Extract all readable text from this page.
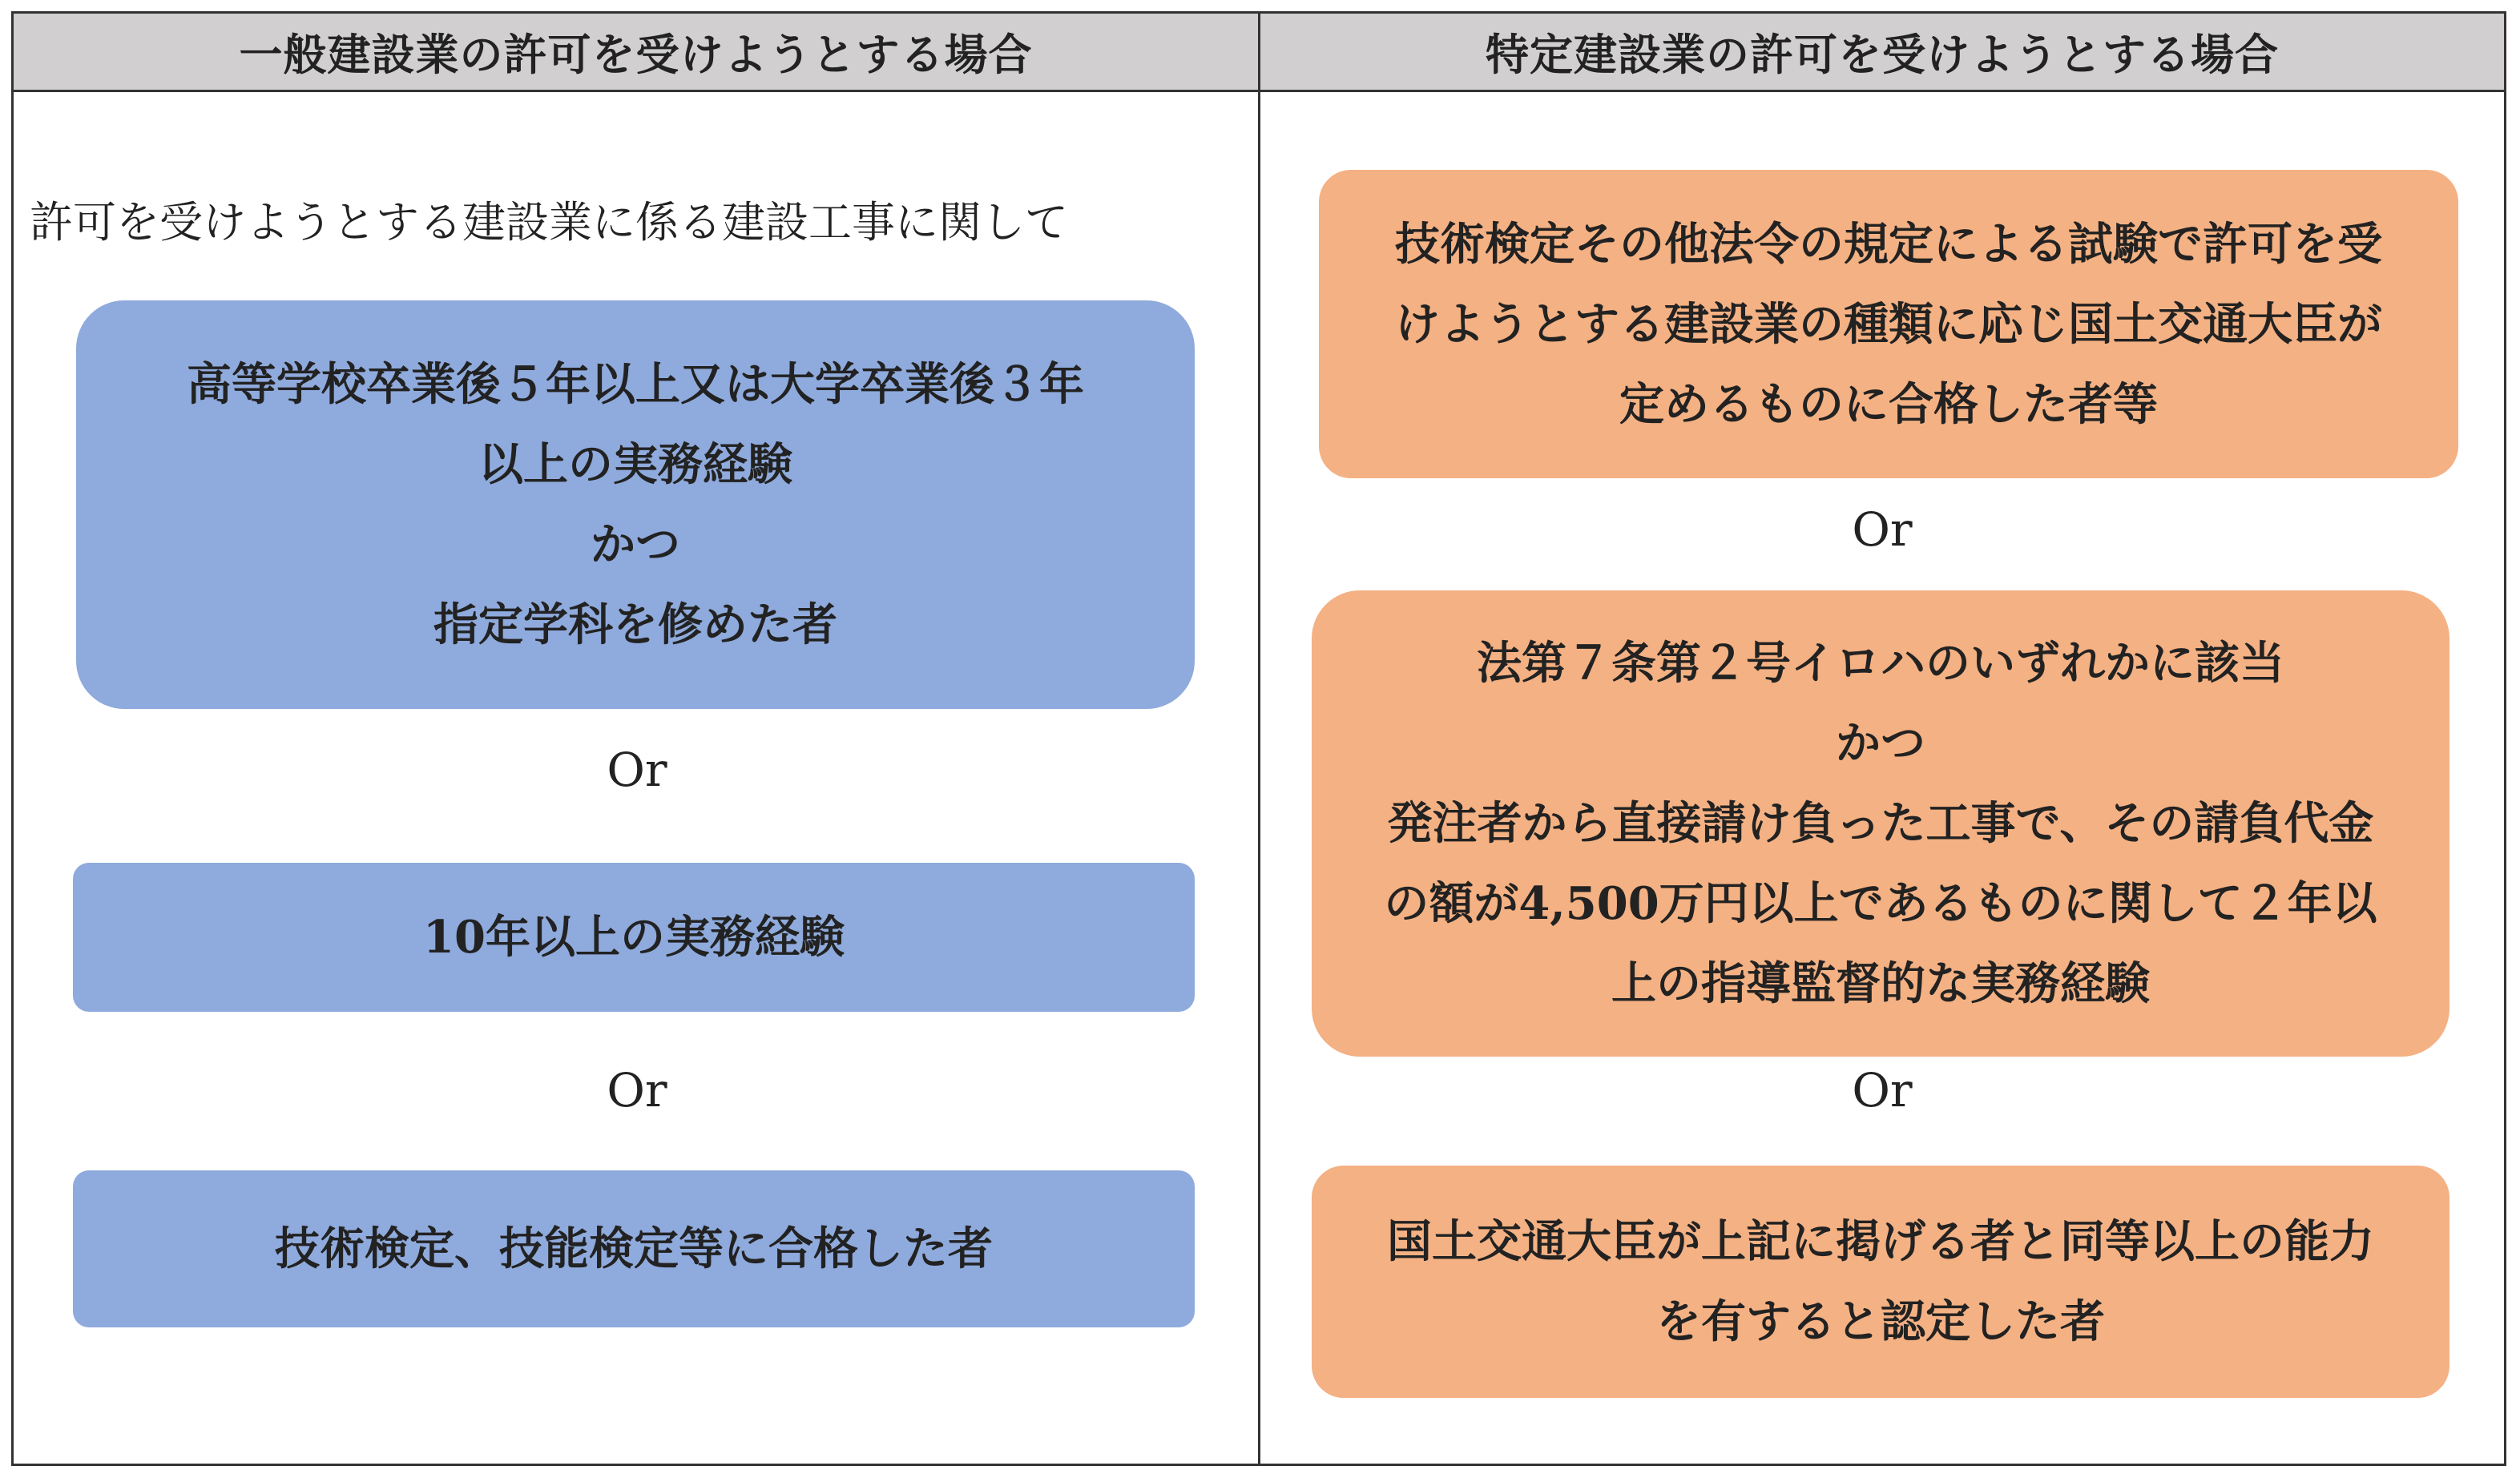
一般建設業の許可を受けようとする場合
許可を受けようとする建設業に係る建設工事に関して
高等学校卒業後５年以上又は大学卒業後３年
以上の実務経験
かつ
指定学科を修めた者
Or
10年以上の実務経験
Or
技術検定、技能検定等に合格した者
特定建設業の許可を受けようとする場合
技術検定その他法令の規定による試験で許可を受
けようとする建設業の種類に応じ国土交通大臣が
定めるものに合格した者等
Or
法第７条第２号イロハのいずれかに該当
かつ
発注者から直接請け負った工事で、その請負代金
の額が4,500万円以上であるものに関して２年以
上の指導監督的な実務経験
Or
国土交通大臣が上記に掲げる者と同等以上の能力
を有すると認定した者
